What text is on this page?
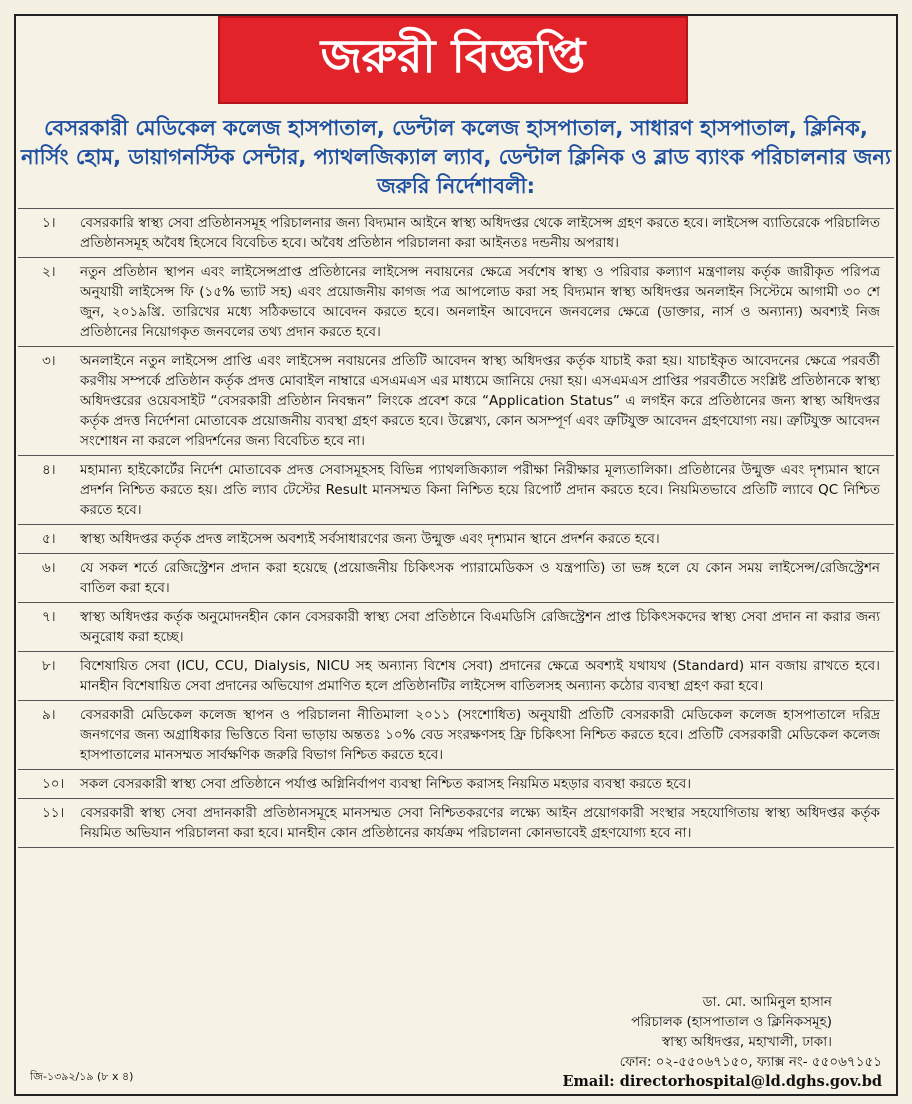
জরুরী বিজ্ঞপ্তি
বেসরকারী মেডিকেল কলেজ হাসপাতাল, ডেন্টাল কলেজ হাসপাতাল, সাধারণ হাসপাতাল, ক্লিনিক, নার্সিং হোম, ডায়াগনস্টিক সেন্টার, প্যাথলজিক্যাল ল্যাব, ডেন্টাল ক্লিনিক ও ব্লাড ব্যাংক পরিচালনার জন্য জরুরি নির্দেশাবলী:
১।	বেসরকারি স্বাস্থ্য সেবা প্রতিষ্ঠানসমূহ পরিচালনার জন্য বিদ্যমান আইনে স্বাস্থ্য অধিদপ্তর থেকে লাইসেন্স গ্রহণ করতে হবে। লাইসেন্স ব্যাতিরেকে পরিচালিত প্রতিষ্ঠানসমূহ অবৈধ হিসেবে বিবেচিত হবে। অবৈধ প্রতিষ্ঠান পরিচালনা করা আইনতঃ দন্ডনীয় অপরাধ।
২।	নতুন প্রতিষ্ঠান স্থাপন এবং লাইসেন্সপ্রাপ্ত প্রতিষ্ঠানের লাইসেন্স নবায়নের ক্ষেত্রে সর্বশেষ স্বাস্থ্য ও পরিবার কল্যাণ মন্ত্রণালয় কর্তৃক জারীকৃত পরিপত্র অনুযায়ী লাইসেন্স ফি (১৫% ভ্যাট সহ) এবং প্রয়োজনীয় কাগজ পত্র আপলোড করা সহ বিদ্যমান স্বাস্থ্য অধিদপ্তর অনলাইন সিস্টেমে আগামী ৩০ শে জুন, ২০১৯খ্রি. তারিখের মধ্যে সঠিকভাবে আবেদন করতে হবে। অনলাইন আবেদনে জনবলের ক্ষেত্রে (ডাক্তার, নার্স ও অন্যান্য) অবশ্যই নিজ প্রতিষ্ঠানের নিয়োগকৃত জনবলের তথ্য প্রদান করতে হবে।
৩।	অনলাইনে নতুন লাইসেন্স প্রাপ্তি এবং লাইসেন্স নবায়নের প্রতিটি আবেদন স্বাস্থ্য অধিদপ্তর কর্তৃক যাচাই করা হয়। যাচাইকৃত আবেদনের ক্ষেত্রে পরবর্তী করণীয় সম্পর্কে প্রতিষ্ঠান কর্তৃক প্রদত্ত মোবাইল নাম্বারে এসএমএস এর মাধ্যমে জানিয়ে দেয়া হয়। এসএমএস প্রাপ্তির পরবর্তীতে সংশ্লিষ্ট প্রতিষ্ঠানকে স্বাস্থ্য অধিদপ্তরের ওয়েবসাইট “বেসরকারী প্রতিষ্ঠান নিবন্ধন” লিংকে প্রবেশ করে “Application Status” এ লগইন করে প্রতিষ্ঠানের জন্য স্বাস্থ্য অধিদপ্তর কর্তৃক প্রদত্ত নির্দেশনা মোতাবেক প্রয়োজনীয় ব্যবস্থা গ্রহণ করতে হবে। উল্লেখ্য, কোন অসম্পূর্ণ এবং ত্রুটিযুক্ত আবেদন গ্রহণযোগ্য নয়। ত্রুটিযুক্ত আবেদন সংশোধন না করলে পরিদর্শনের জন্য বিবেচিত হবে না।
৪।	মহামান্য হাইকোর্টের নির্দেশ মোতাবেক প্রদত্ত সেবাসমূহসহ বিভিন্ন প্যাথলজিক্যাল পরীক্ষা নিরীক্ষার মূল্যতালিকা। প্রতিষ্ঠানের উন্মুক্ত এবং দৃশ্যমান স্থানে প্রদর্শন নিশ্চিত করতে হয়। প্রতি ল্যাব টেস্টের Result মানসম্মত কিনা নিশ্চিত হয়ে রিপোর্ট প্রদান করতে হবে। নিয়মিতভাবে প্রতিটি ল্যাবে QC নিশ্চিত করতে হবে।
৫।	স্বাস্থ্য অধিদপ্তর কর্তৃক প্রদত্ত লাইসেন্স অবশ্যই সর্বসাধারণের জন্য উন্মুক্ত এবং দৃশ্যমান স্থানে প্রদর্শন করতে হবে।
৬।	যে সকল শর্তে রেজিস্ট্রেশন প্রদান করা হয়েছে (প্রয়োজনীয় চিকিৎসক প্যারামেডিকস ও যন্ত্রপাতি) তা ভঙ্গ হলে যে কোন সময় লাইসেন্স/রেজিস্ট্রেশন বাতিল করা হবে।
৭।	স্বাস্থ্য অধিদপ্তর কর্তৃক অনুমোদনহীন কোন বেসরকারী স্বাস্থ্য সেবা প্রতিষ্ঠানে বিএমডিসি রেজিস্ট্রেশন প্রাপ্ত চিকিৎসকদের স্বাস্থ্য সেবা প্রদান না করার জন্য অনুরোধ করা হচ্ছে।
৮।	বিশেষায়িত সেবা (ICU, CCU, Dialysis, NICU সহ অন্যান্য বিশেষ সেবা) প্রদানের ক্ষেত্রে অবশ্যই যথাযথ (Standard) মান বজায় রাখতে হবে। মানহীন বিশেষায়িত সেবা প্রদানের অভিযোগ প্রমাণিত হলে প্রতিষ্ঠানটির লাইসেন্স বাতিলসহ অন্যান্য কঠোর ব্যবস্থা গ্রহণ করা হবে।
৯।	বেসরকারী মেডিকেল কলেজ স্থাপন ও পরিচালনা নীতিমালা ২০১১ (সংশোধিত) অনুযায়ী প্রতিটি বেসরকারী মেডিকেল কলেজ হাসপাতালে দরিদ্র জনগণের জন্য অগ্রাধিকার ভিত্তিতে বিনা ভাড়ায় অন্ততঃ ১০% বেড সংরক্ষণসহ ফ্রি চিকিৎসা নিশ্চিত করতে হবে। প্রতিটি বেসরকারী মেডিকেল কলেজ হাসপাতালের মানসম্মত সার্বক্ষণিক জরুরি বিভাগ নিশ্চিত করতে হবে।
১০।	সকল বেসরকারী স্বাস্থ্য সেবা প্রতিষ্ঠানে পর্যাপ্ত অগ্নিনির্বাপণ ব্যবস্থা নিশ্চিত করাসহ নিয়মিত মহড়ার ব্যবস্থা করতে হবে।
১১।	বেসরকারী স্বাস্থ্য সেবা প্রদানকারী প্রতিষ্ঠানসমূহে মানসম্মত সেবা নিশ্চিতকরণের লক্ষ্যে আইন প্রয়োগকারী সংস্থার সহযোগিতায় স্বাস্থ্য অধিদপ্তর কর্তৃক নিয়মিত অভিযান পরিচালনা করা হবে। মানহীন কোন প্রতিষ্ঠানের কার্যক্রম পরিচালনা কোনভাবেই গ্রহণযোগ্য হবে না।
ডা. মো. আমিনুল হাসান
পরিচালক (হাসপাতাল ও ক্লিনিকসমূহ)
স্বাস্থ্য অধিদপ্তর, মহাখালী, ঢাকা।
ফোন: ০২-৫৫০৬৭১৫০, ফ্যাক্স নং- ৫৫০৬৭১৫১
Email: directorhospital@ld.dghs.gov.bd
জি-১৩৯২/১৯ (৮ x ৪)
